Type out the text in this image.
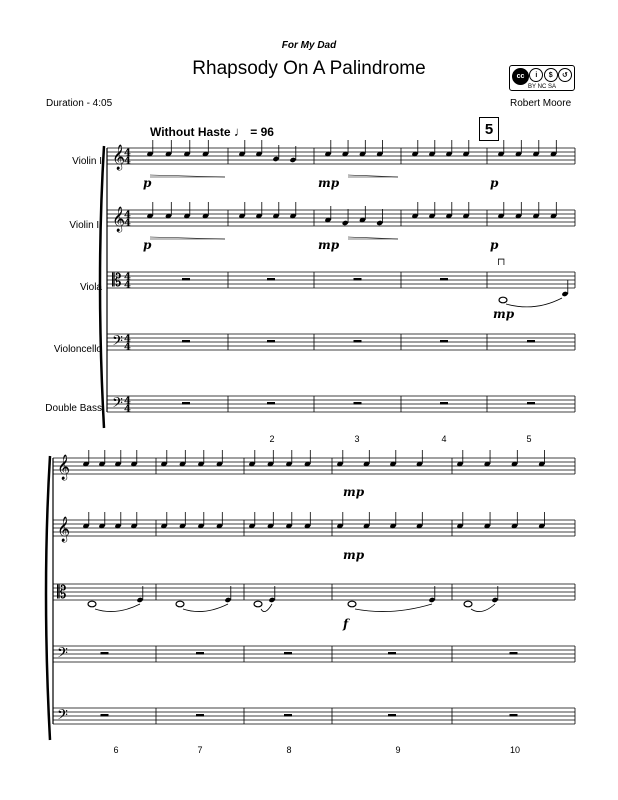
For My Dad
Rhapsody On A Palindrome	cc	i	$	↺
BY NC SA
Duration - 4:05	Robert Moore
5
Without Haste ♩ = 96
Violin I
Violin II
Viola
Violoncello
Double Bass
2	3	4	5
6	7	8	9	10
𝄞
4
4
𝄞
4
4
𝄡 4
4
𝄢 4
4
𝄢 4
4
p	mp	p
p	mp	p
mp
⊓
𝄞
𝄞
𝄡
𝄢
𝄢
mp
mp
f
